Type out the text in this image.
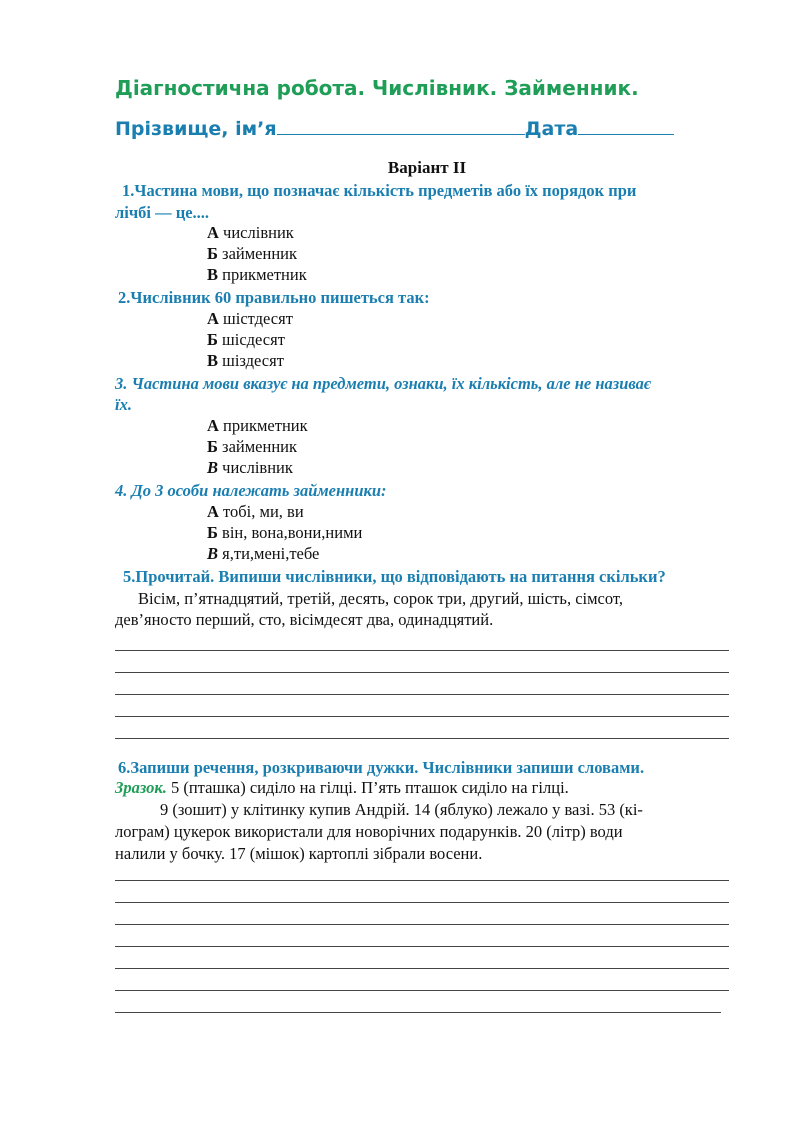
Діагностична робота. Числівник. Займенник.
Прізвище, ім’я	Дата
Варіант ІІ
1.Частина мови, що позначає кількість предметів або їх порядок при
лічбі — це....
А числівник
Б займенник
В прикметник
2.Числівник 60 правильно пишеться так:
А шістдесят
Б шісдесят
В шіздесят
3. Частина мови вказує на предмети, ознаки, їх кількість, але не називає
їх.
А прикметник
Б займенник
В числівник
4. До 3 особи належать займенники:
А тобі, ми, ви
Б він, вона,вони,ними
В я,ти,мені,тебе
5.Прочитай. Випиши числівники, що відповідають на питання скільки?
Вісім, п’ятнадцятий, третій, десять, сорок три, другий, шість, сімсот,
дев’яносто перший, сто, вісімдесят два, одинадцятий.
6.Запиши речення, розкриваючи дужки. Числівники запиши словами.
Зразок. 5 (пташка) сиділо на гілці. П’ять пташок сиділо на гілці.
9 (зошит) у клітинку купив Андрій. 14 (яблуко) лежало у вазі. 53 (кі-
лограм) цукерок використали для новорічних подарунків. 20 (літр) води
налили у бочку. 17 (мішок) картоплі зібрали восени.
